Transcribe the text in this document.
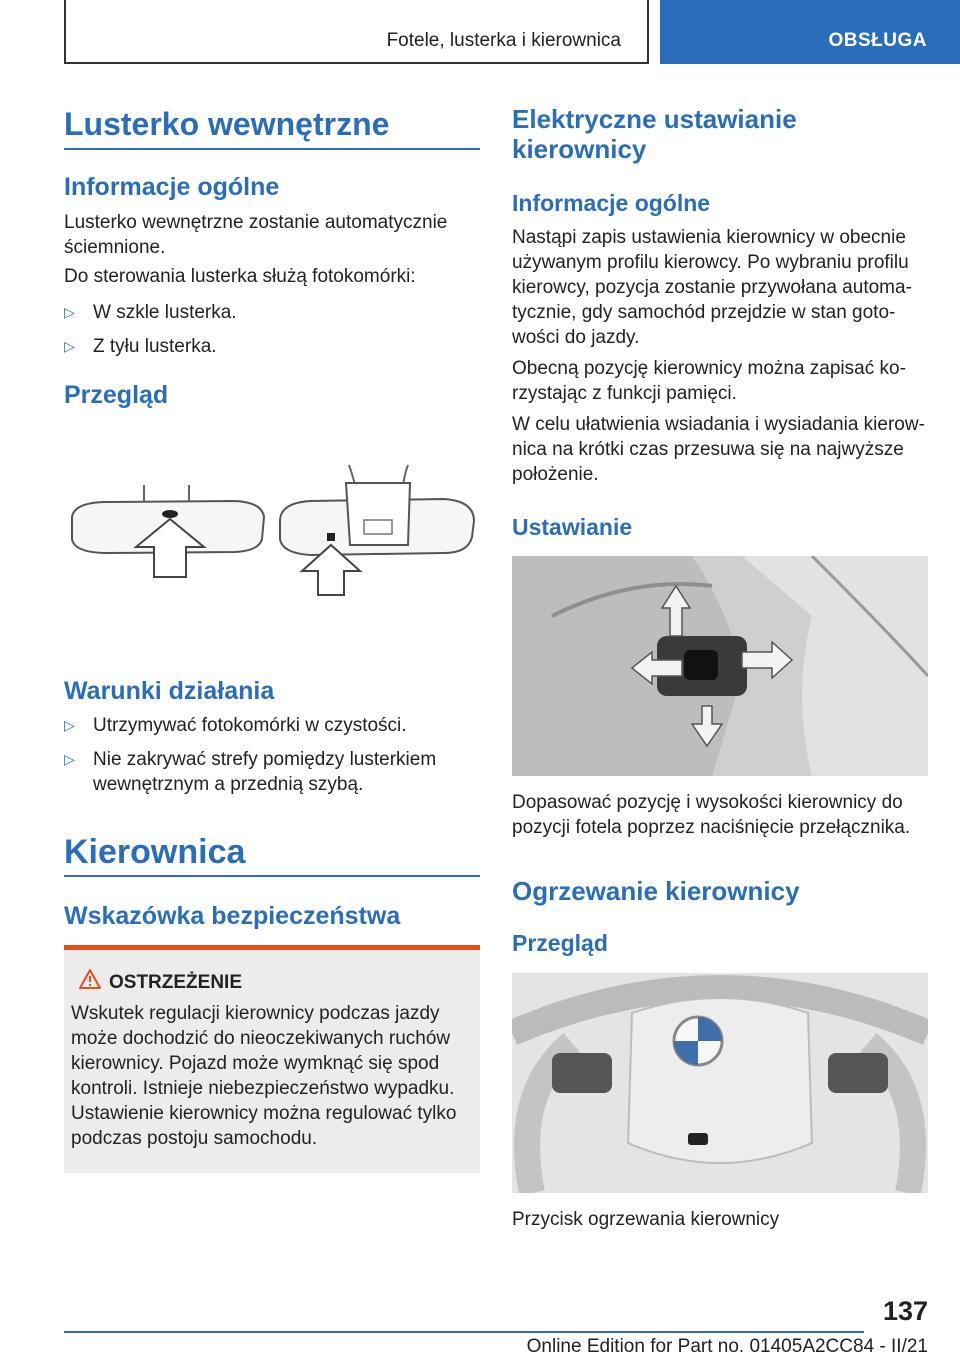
Fotele, lusterka i kierownica	OBSŁUGA
Lusterko wewnętrzne
Informacje ogólne

Lusterko wewnętrzne zostanie automatycznie ściemnione.

Do sterowania lusterka służą fotokomórki:

▷ W szkle lusterka.
▷ Z tyłu lusterka.
Przegląd
Warunki działania
▷ Utrzymywać fotokomórki w czystości.
▷ Nie zakrywać strefy pomiędzy lusterkiem wewnętrznym a przednią szybą.
Kierownica
Wskazówka bezpieczeństwa
OSTRZEŻENIE
Wskutek regulacji kierownicy podczas jazdy może dochodzić do nieoczekiwanych ruchów kierownicy. Pojazd może wymknąć się spod kontroli. Istnieje niebezpieczeństwo wypadku. Ustawienie kierownicy można regulować tylko podczas postoju samochodu.
Elektryczne ustawianie kierownicy
Informacje ogólne

Nastąpi zapis ustawienia kierownicy w obecnie używanym profilu kierowcy. Po wybraniu profilu kierowcy, pozycja zostanie przywołana automatycznie, gdy samochód przejdzie w stan gotowości do jazdy.

Obecną pozycję kierownicy można zapisać korzystając z funkcji pamięci.

W celu ułatwienia wsiadania i wysiadania kierownica na krótki czas przesuwa się na najwyższe położenie.

Ustawianie

Dopasować pozycję i wysokości kierownicy do pozycji fotela poprzez naciśnięcie przełącznika.

Ogrzewanie kierownicy
Przegląd

Przycisk ogrzewania kierownicy

137
Online Edition for Part no. 01405A2CC84 - II/21
